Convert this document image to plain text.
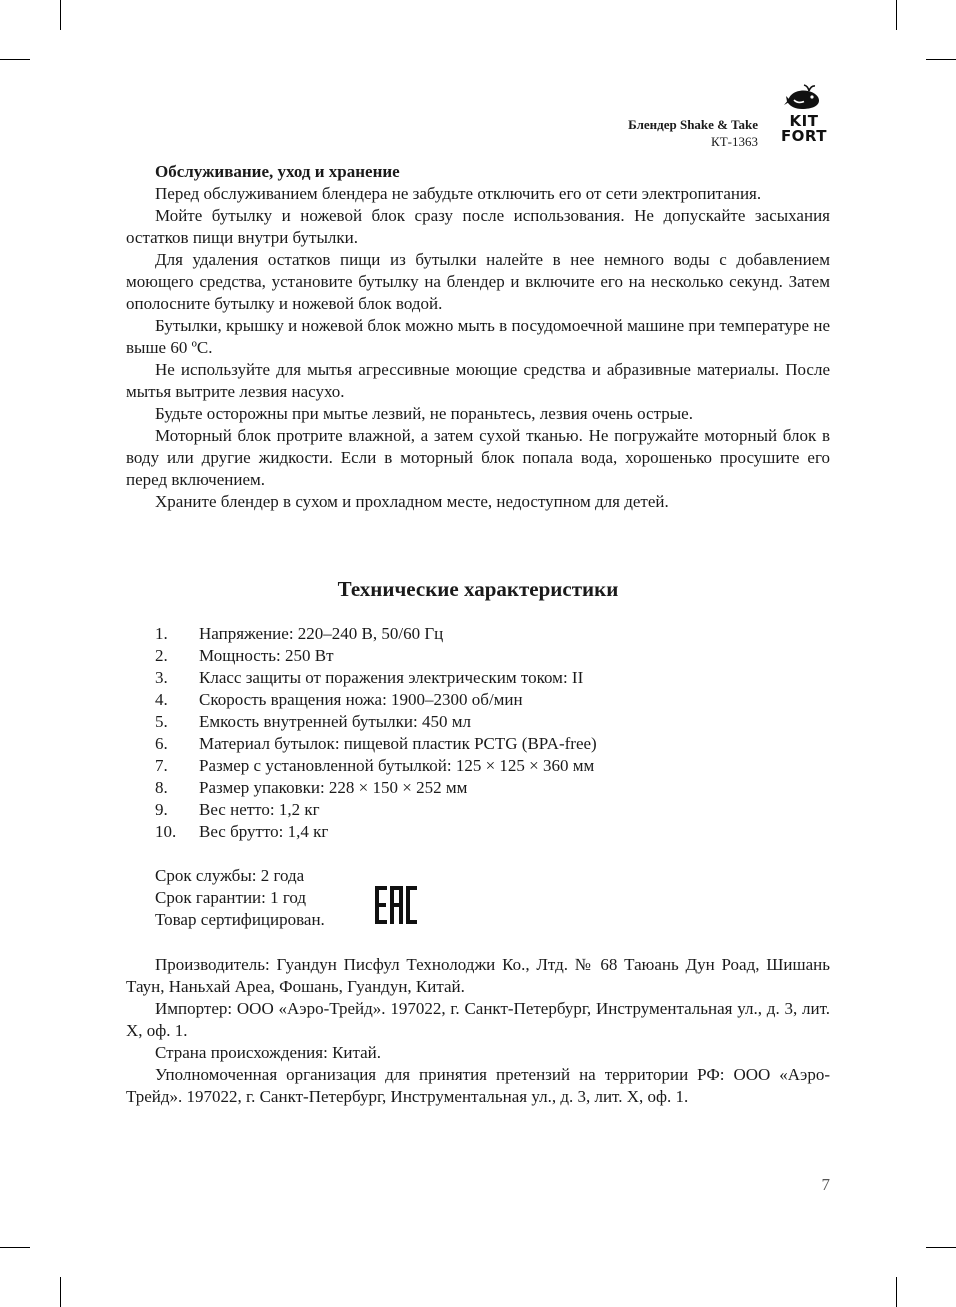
Блендер Shake & Take
КТ-1363
KIT
FORT

Обслуживание, уход и хранение

Перед обслуживанием блендера не забудьте отключить его от сети электропитания.

Мойте бутылку и ножевой блок сразу после использования. Не допускайте засыхания остатков пищи внутри бутылки.

Для удаления остатков пищи из бутылки налейте в нее немного воды с добавлением моющего средства, установите бутылку на блендер и включите его на несколько секунд. Затем ополосните бутылку и ножевой блок водой.

Бутылки, крышку и ножевой блок можно мыть в посудомоечной машине при температуре не выше 60 ºC.

Не используйте для мытья агрессивные моющие средства и абразивные материалы. После мытья вытрите лезвия насухо.

Будьте осторожны при мытье лезвий, не пораньтесь, лезвия очень острые.

Моторный блок протрите влажной, а затем сухой тканью. Не погружайте моторный блок в воду или другие жидкости. Если в моторный блок попала вода, хорошенько просушите его перед включением.

Храните блендер в сухом и прохладном месте, недоступном для детей.

Технические характеристики
1.	Напряжение: 220–240 В, 50/60 Гц
2.	Мощность: 250 Вт
3.	Класс защиты от поражения электрическим током: II
4.	Скорость вращения ножа: 1900–2300 об/мин
5.	Емкость внутренней бутылки: 450 мл
6.	Материал бутылок: пищевой пластик PCTG (BPA-free)
7.	Размер с установленной бутылкой: 125 × 125 × 360 мм
8.	Размер упаковки: 228 × 150 × 252 мм
9.	Вес нетто: 1,2 кг
10.	Вес брутто: 1,4 кг
Срок службы: 2 года
Срок гарантии: 1 год
Товар сертифицирован.

Производитель: Гуандун Писфул Технолоджи Ко., Лтд. № 68 Таюань Дун Роад, Шишань Таун, Наньхай Ареа, Фошань, Гуандун, Китай.

Импортер: ООО «Аэро-Трейд». 197022, г. Санкт-Петербург, Инструментальная ул., д. 3, лит. Х, оф. 1.

Страна происхождения: Китай.

Уполномоченная организация для принятия претензий на территории РФ: ООО «Аэро-Трейд». 197022, г. Санкт-Петербург, Инструментальная ул., д. 3, лит. Х, оф. 1.

7
